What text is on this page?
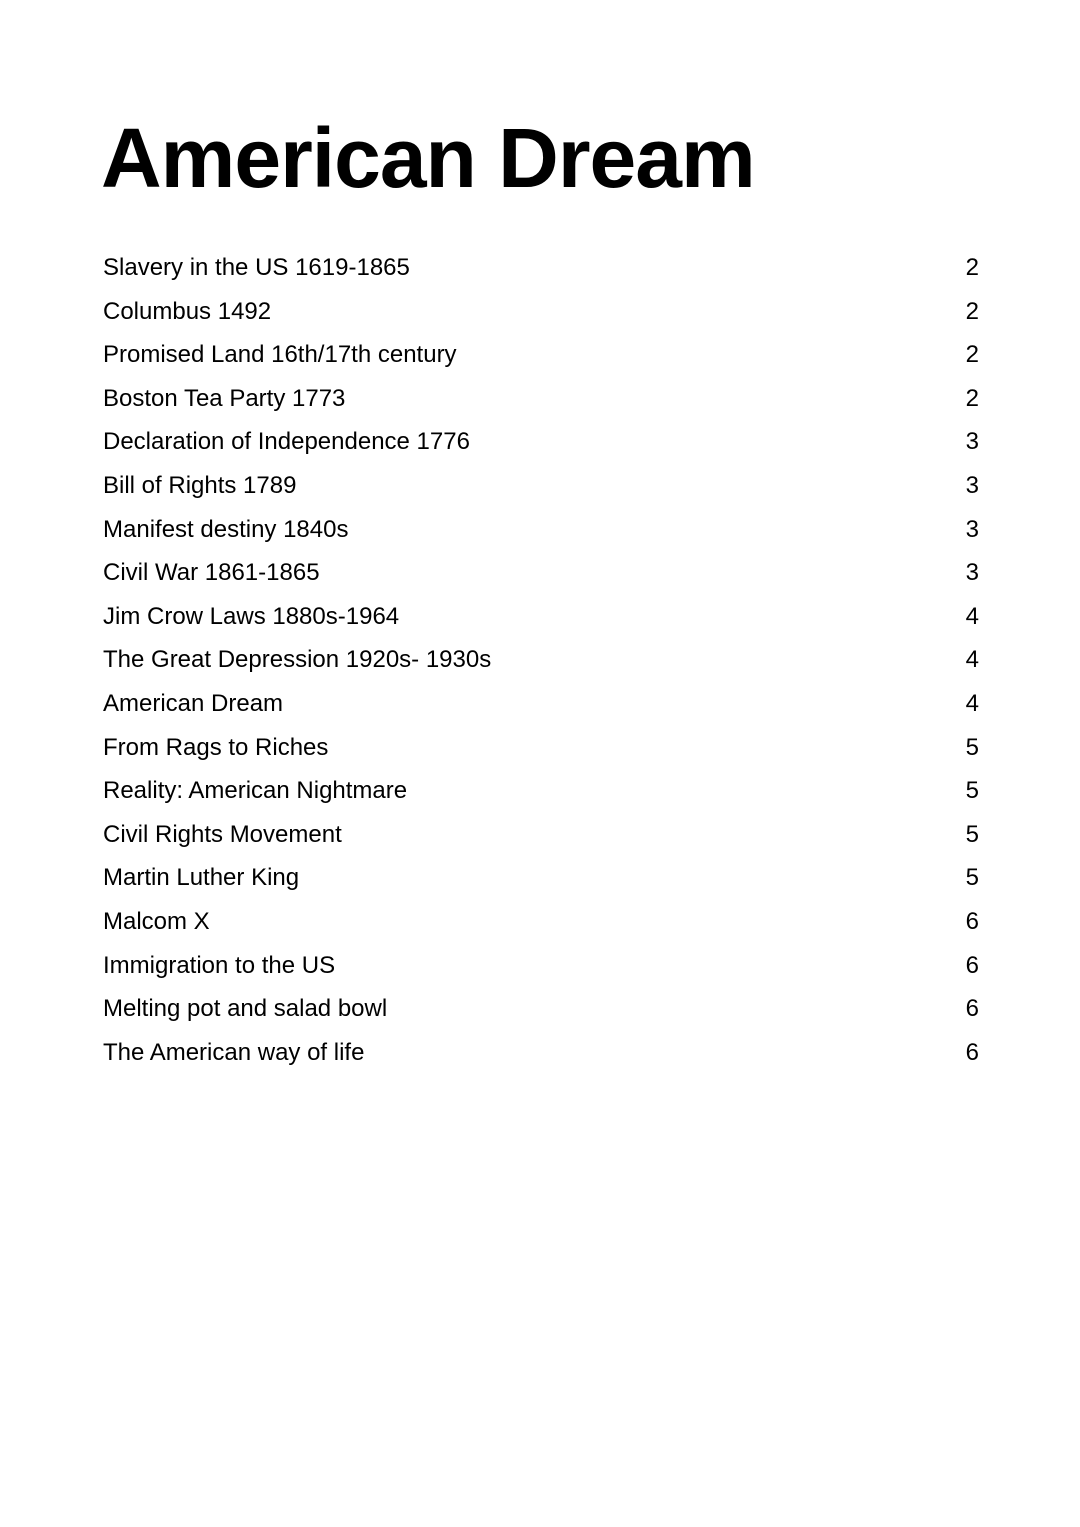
American Dream
Slavery in the US 1619-1865	2
Columbus 1492	2
Promised Land 16th/17th century	2
Boston Tea Party 1773	2
Declaration of Independence 1776	3
Bill of Rights 1789	3
Manifest destiny 1840s	3
Civil War 1861-1865	3
Jim Crow Laws 1880s-1964	4
The Great Depression 1920s- 1930s	4
American Dream	4
From Rags to Riches	5
Reality: American Nightmare	5
Civil Rights Movement	5
Martin Luther King	5
Malcom X	6
Immigration to the US	6
Melting pot and salad bowl	6
The American way of life	6
